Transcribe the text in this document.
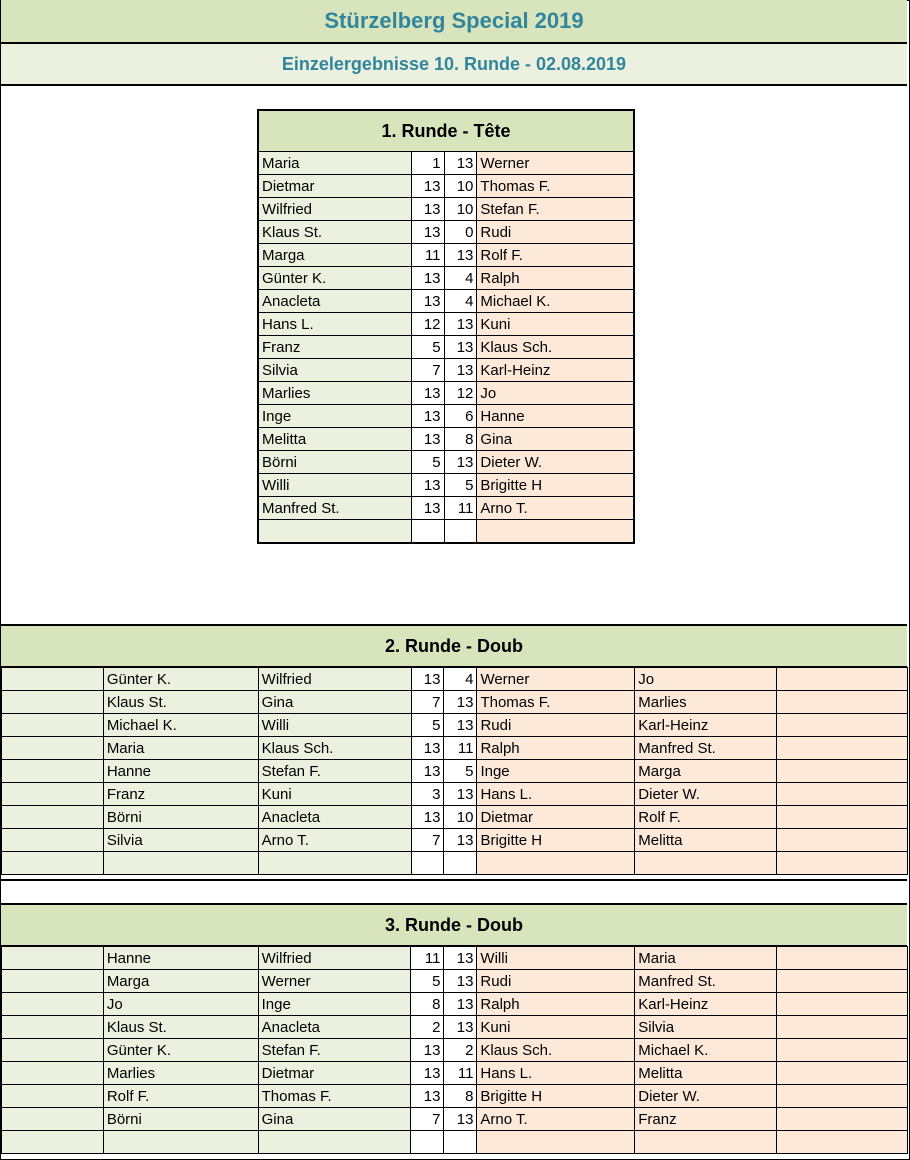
Stürzelberg Special 2019
Einzelergebnisse 10. Runde - 02.08.2019
1. Runde - Tête			
Maria	1	13	Werner
Dietmar	13	10	Thomas F.
Wilfried	13	10	Stefan F.
Klaus St.	13	0	Rudi
Marga	11	13	Rolf F.
Günter K.	13	4	Ralph
Anacleta	13	4	Michael K.
Hans L.	12	13	Kuni
Franz	5	13	Klaus Sch.
Silvia	7	13	Karl-Heinz
Marlies	13	12	Jo
Inge	13	6	Hanne
Melitta	13	8	Gina
Börni	5	13	Dieter W.
Willi	13	5	Brigitte H
Manfred St.	13	11	Arno T.

2. Runde - Doub
	Günter K.	Wilfried	13	4	Werner	Jo	
	Klaus St.	Gina	7	13	Thomas F.	Marlies	
	Michael K.	Willi	5	13	Rudi	Karl-Heinz	
	Maria	Klaus Sch.	13	11	Ralph	Manfred St.	
	Hanne	Stefan F.	13	5	Inge	Marga	
	Franz	Kuni	3	13	Hans L.	Dieter W.	
	Börni	Anacleta	13	10	Dietmar	Rolf F.	
	Silvia	Arno T.	7	13	Brigitte H	Melitta	

3. Runde - Doub
	Hanne	Wilfried	11	13	Willi	Maria	
	Marga	Werner	5	13	Rudi	Manfred St.	
	Jo	Inge	8	13	Ralph	Karl-Heinz	
	Klaus St.	Anacleta	2	13	Kuni	Silvia	
	Günter K.	Stefan F.	13	2	Klaus Sch.	Michael K.	
	Marlies	Dietmar	13	11	Hans L.	Melitta	
	Rolf F.	Thomas F.	13	8	Brigitte H	Dieter W.	
	Börni	Gina	7	13	Arno T.	Franz	
